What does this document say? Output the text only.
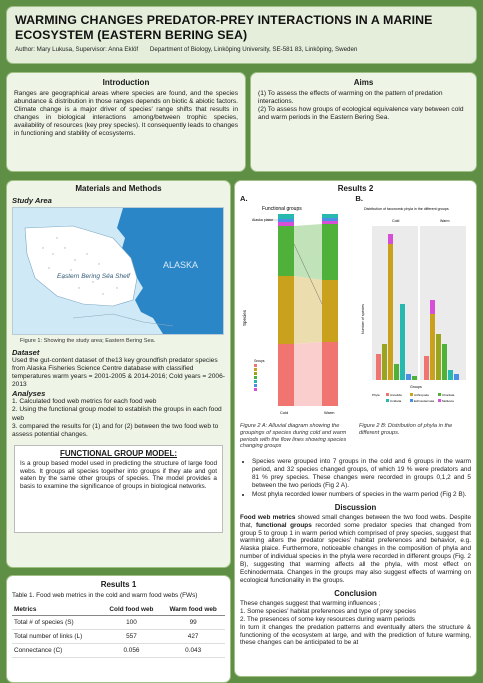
WARMING CHANGES PREDATOR-PREY INTERACTIONS IN A MARINE ECOSYSTEM (EASTERN BERING SEA)
Author: Mary Lukusa, Supervisor: Anna Eklöf Department of Biology, Linköping University, SE-581 83, Linköping, Sweden
Introduction
Ranges are geographical areas where species are found, and the species abundance & distribution in those ranges depends on biotic & abiotic factors. Climate change is a major driver of species' range shifts that results in changes in biological interactions among/between trophic species, availability of resources (key prey species). It consequently leads to changes in functioning and stability of ecosystems.
Aims
(1) To assess the effects of warming on the pattern of predation interactions.
(2) To assess how groups of ecological equivalence vary between cold and warm periods in the Eastern Bering Sea.
Materials and Methods
Study Area
ALASKA
Eastern Bering Sea Shelf
Figure 1: Showing the study area; Eastern Bering Sea.
Dataset
Used the gut-content dataset of the13 key groundfish predator species from Alaska Fisheries Science Centre database with classified temperatures warm years = 2001-2005 & 2014-2016; Cold years = 2006-2013
Analyses
1. Calculated food web metrics for each food web
2. Using the functional group model to establish the groups in each food web
3. compared the results for (1) and for (2) between the two food web to assess potential changes.
FUNCTIONAL GROUP MODEL:
Is a group based model used in predicting the structure of large food webs. It groups all species together into groups if they ate and got eaten by the same other groups of species. The model provides a basis to examine the significance of groups in biological networks.
Results 1
Table 1. Food web metrics in the cold and warm food webs (FWs)
Metrics	Cold food web	Warm food web
Total # of species (S)	100	99
Total number of links (L)	557	427
Connectance (C)	0.056	0.043
Results 2
A.	B.
Functional groups
Species
Alaska plaice
Groups
Cold	Warm
Distribution of taxonomic phyla in the different groups
Cold	Warm
Number of species
Groups
Phyla	Annelida	Arthropoda	Chordata
Cnidaria	Echinodermata	Mollusca
Figure 2 A: Alluvial diagram showing the groupings of species during cold and warm periods with the flow lines showing species changing groups
Figure 2 B: Distribution of phyla in the different groups.
• Species were grouped into 7 groups in the cold and 6 groups in the warm period, and 32 species changed groups, of which 19 % were predators and 81 % prey species. These changes were recorded in groups 0,1,2 and 5 between the two periods (Fig 2 A).
• Most phyla recorded lower numbers of species in the warm period (Fig 2 B).
Discussion
Food web metrics showed small changes between the two food webs. Despite that, functional groups recorded some predator species that changed from group 5 to group 1 in warm period which comprised of prey species, suggest that warming alters the predator species' habitat preferences and behavior, e.g. Alaska plaice. Furthermore, noticeable changes in the composition of phyla and number of individual species in the phyla were recorded in different groups (Fig. 2 B), suggesting that warming affects all the phyla, with most effect on Echinodermata. Changes in the groups may also suggest effects of warming on ecological functionality in the groups.
Conclusion
These changes suggest that warming influences ;
1. Some species' habitat preferences and type of prey species
2. The presences of some key resources during warm periods
In turn it changes the predation patterns and eventually alters the structure & functioning of the ecosystem at large, and with the prediction of future warming, these changes can be anticipated to be at
